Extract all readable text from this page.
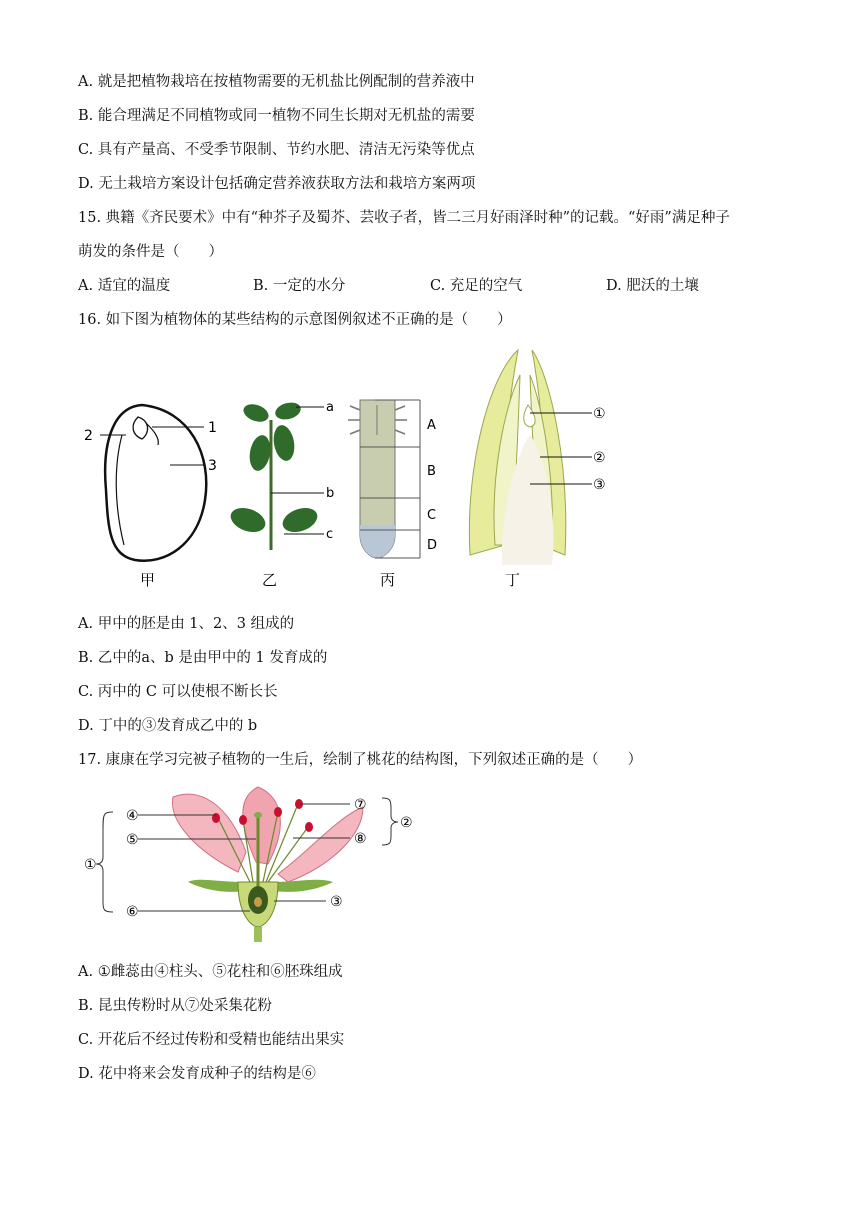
A. 就是把植物栽培在按植物需要的无机盐比例配制的营养液中
B. 能合理满足不同植物或同一植物不同生长期对无机盐的需要
C. 具有产量高、不受季节限制、节约水肥、清洁无污染等优点
D. 无土栽培方案设计包括确定营养液获取方法和栽培方案两项
15. 典籍《齐民要术》中有“种芥子及蜀芥、芸收子者，皆二三月好雨泽时种”的记载。“好雨”满足种子
萌发的条件是（　　）
A. 适宜的温度	B. 一定的水分	C. 充足的空气	D. 肥沃的土壤
16. 如下图为植物体的某些结构的示意图例叙述不正确的是（　　）
2	1
3
甲
a
b
c
乙
A
B
C
D
丙
①
②
③
丁
A. 甲中的胚是由 1、2、3 组成的
B. 乙中的a、b 是由甲中的 1 发育成的
C. 丙中的 C 可以使根不断长长
D. 丁中的③发育成乙中的 b
17. 康康在学习完被子植物的一生后，绘制了桃花的结构图，下列叙述正确的是（　　）
④
⑤
①
⑥
⑦
⑧
②
③
A. ①雌蕊由④柱头、⑤花柱和⑥胚珠组成
B. 昆虫传粉时从⑦处采集花粉
C. 开花后不经过传粉和受精也能结出果实
D. 花中将来会发育成种子的结构是⑥
